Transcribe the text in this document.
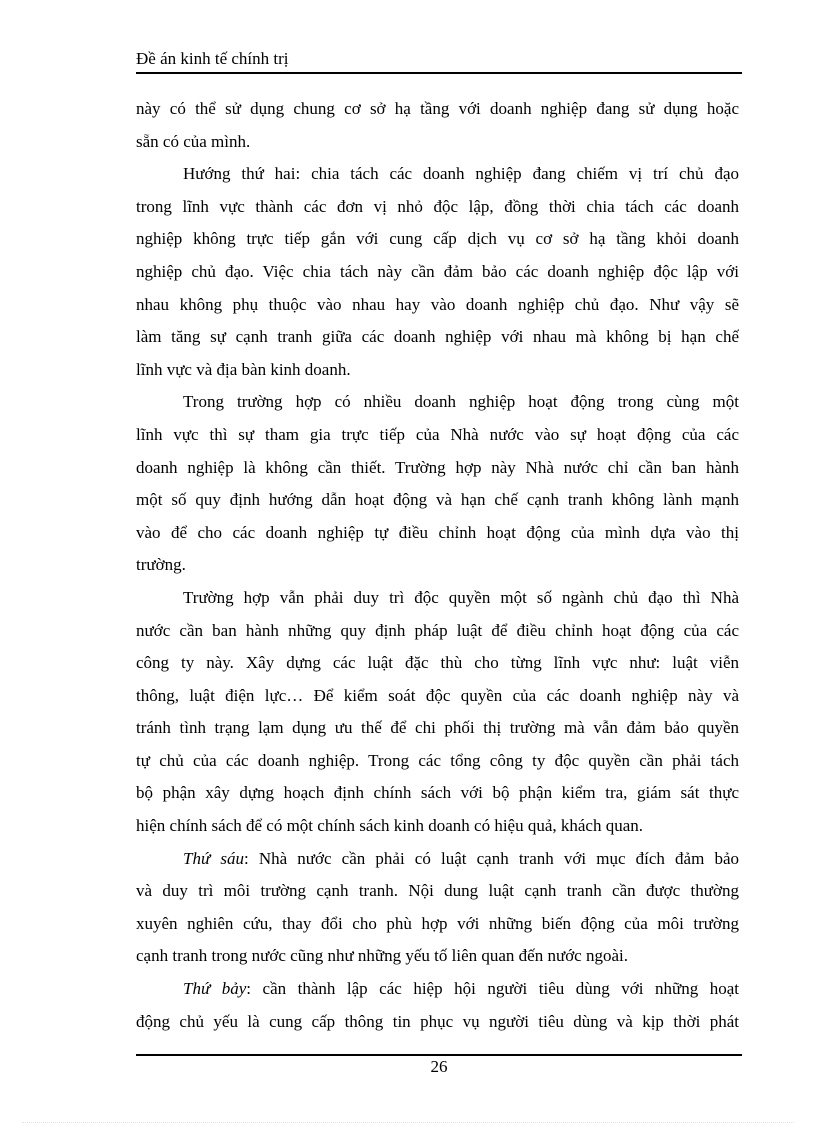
Đề án kinh tế chính trị
này có thể sử dụng chung cơ sở hạ tầng với doanh nghiệp đang sử dụng hoặc
sẵn có của mình.
Hướng thứ hai: chia tách các doanh nghiệp đang chiếm vị trí chủ đạo
trong lĩnh vực thành các đơn vị nhỏ độc lập, đồng thời chia tách các doanh
nghiệp không trực tiếp gắn với cung cấp dịch vụ cơ sở hạ tầng khỏi doanh
nghiệp chủ đạo. Việc chia tách này cần đảm bảo các doanh nghiệp độc lập với
nhau không phụ thuộc vào nhau hay vào doanh nghiệp chủ đạo. Như vậy sẽ
làm tăng sự cạnh tranh giữa các doanh nghiệp với nhau mà không bị hạn chế
lĩnh vực và địa bàn kinh doanh.
Trong trường hợp có nhiều doanh nghiệp hoạt động trong cùng một
lĩnh vực thì sự tham gia trực tiếp của Nhà nước vào sự hoạt động của các
doanh nghiệp là không cần thiết. Trường hợp này Nhà nước chỉ cần ban hành
một số quy định hướng dẫn hoạt động và hạn chế cạnh tranh không lành mạnh
vào để cho các doanh nghiệp tự điều chỉnh hoạt động của mình dựa vào thị
trường.
Trường hợp vẫn phải duy trì độc quyền một số ngành chủ đạo thì Nhà
nước cần ban hành những quy định pháp luật để điều chỉnh hoạt động của các
công ty này. Xây dựng các luật đặc thù cho từng lĩnh vực như: luật viễn
thông, luật điện lực… Để kiểm soát độc quyền của các doanh nghiệp này và
tránh tình trạng lạm dụng ưu thế để chi phối thị trường mà vẫn đảm bảo quyền
tự chủ của các doanh nghiệp. Trong các tổng công ty độc quyền cần phải tách
bộ phận xây dựng hoạch định chính sách với bộ phận kiểm tra, giám sát thực
hiện chính sách để có một chính sách kinh doanh có hiệu quả, khách quan.
Thứ sáu: Nhà nước cần phải có luật cạnh tranh với mục đích đảm bảo
và duy trì môi trường cạnh tranh. Nội dung luật cạnh tranh cần được thường
xuyên nghiên cứu, thay đổi cho phù hợp với những biến động của môi trường
cạnh tranh trong nước cũng như những yếu tố liên quan đến nước ngoài.
Thứ bảy: cần thành lập các hiệp hội người tiêu dùng với những hoạt
động chủ yếu là cung cấp thông tin phục vụ người tiêu dùng và kịp thời phát
26
